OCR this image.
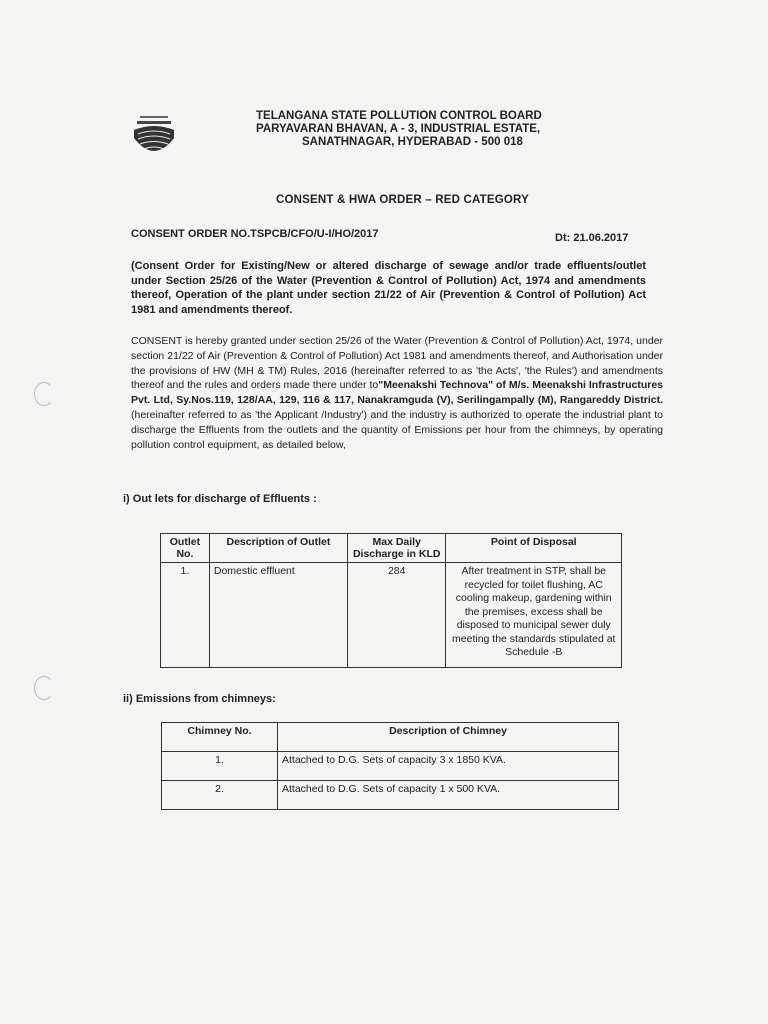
TELANGANA STATE POLLUTION CONTROL BOARD
PARYAVARAN BHAVAN, A - 3, INDUSTRIAL ESTATE,
SANATHNAGAR, HYDERABAD - 500 018
CONSENT & HWA ORDER – RED CATEGORY
CONSENT ORDER NO.TSPCB/CFO/U-I/HO/2017	Dt: 21.06.2017
(Consent Order for Existing/New or altered discharge of sewage and/or trade effluents/outlet under Section 25/26 of the Water (Prevention & Control of Pollution) Act, 1974 and amendments thereof, Operation of the plant under section 21/22 of Air (Prevention & Control of Pollution) Act 1981 and amendments thereof.
CONSENT is hereby granted under section 25/26 of the Water (Prevention & Control of Pollution) Act, 1974, under section 21/22 of Air (Prevention & Control of Pollution) Act 1981 and amendments thereof, and Authorisation under the provisions of HW (MH & TM) Rules, 2016 (hereinafter referred to as 'the Acts', 'the Rules') and amendments thereof and the rules and orders made there under to"Meenakshi Technova" of M/s. Meenakshi Infrastructures Pvt. Ltd, Sy.Nos.119, 128/AA, 129, 116 & 117, Nanakramguda (V), Serilingampally (M), Rangareddy District. (hereinafter referred to as 'the Applicant /Industry') and the industry is authorized to operate the industrial plant to discharge the Effluents from the outlets and the quantity of Emissions per hour from the chimneys, by operating pollution control equipment, as detailed below,
i) Out lets for discharge of Effluents :
Outlet No.	Description of Outlet	Max Daily Discharge in KLD	Point of Disposal
1.	Domestic effluent	284	After treatment in STP, shall be recycled for toilet flushing, AC cooling makeup, gardening within the premises, excess shall be disposed to municipal sewer duly meeting the standards stipulated at Schedule -B
ii) Emissions from chimneys:
Chimney No.	Description of Chimney
1.	Attached to D.G. Sets of capacity 3 x 1850 KVA.
2.	Attached to D.G. Sets of capacity 1 x 500 KVA.
